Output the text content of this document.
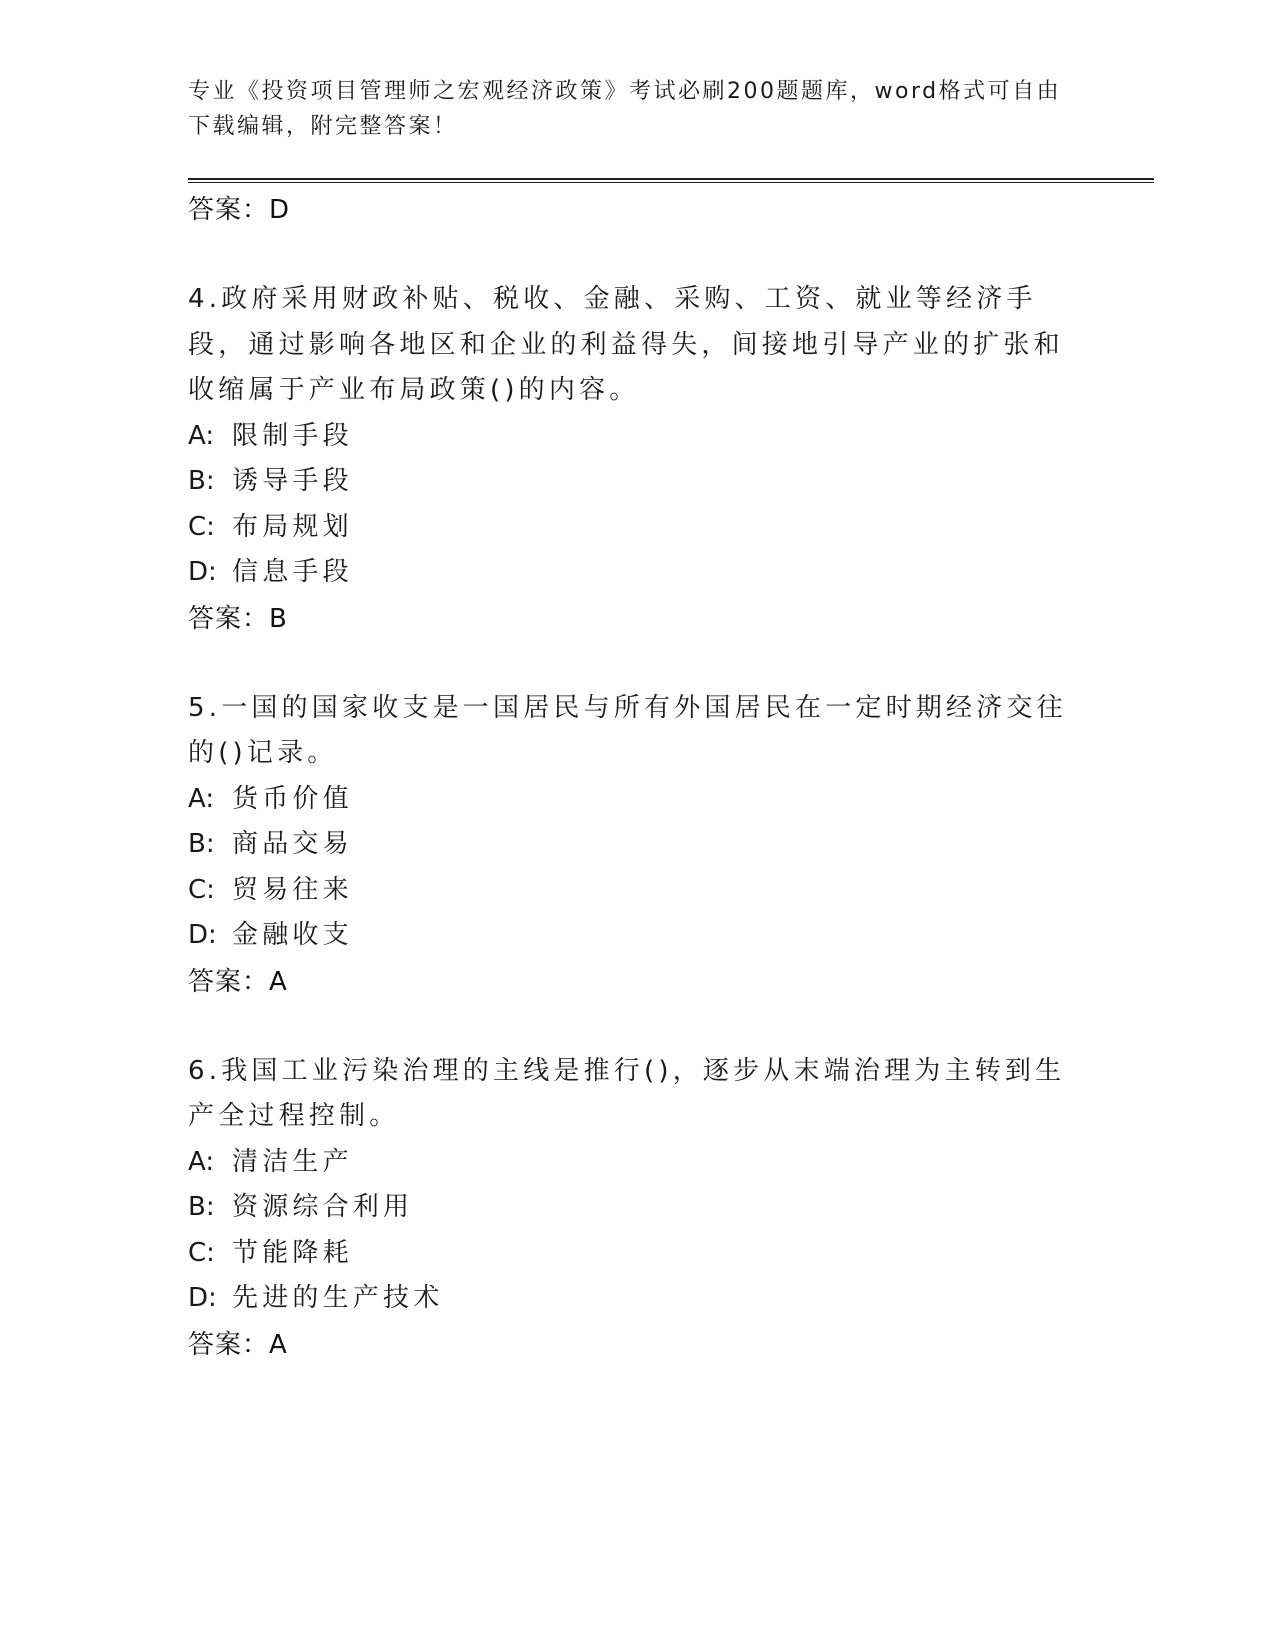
专业《投资项目管理师之宏观经济政策》考试必刷200题题库，word格式可自由下载编辑，附完整答案！
答案：D
4.政府采用财政补贴、税收、金融、采购、工资、就业等经济手段，通过影响各地区和企业的利益得失，间接地引导产业的扩张和收缩属于产业布局政策()的内容。
A: 限制手段
B: 诱导手段
C: 布局规划
D: 信息手段
答案：B
5.一国的国家收支是一国居民与所有外国居民在一定时期经济交往的()记录。
A: 货币价值
B: 商品交易
C: 贸易往来
D: 金融收支
答案：A
6.我国工业污染治理的主线是推行()，逐步从末端治理为主转到生产全过程控制。
A: 清洁生产
B: 资源综合利用
C: 节能降耗
D: 先进的生产技术
答案：A
